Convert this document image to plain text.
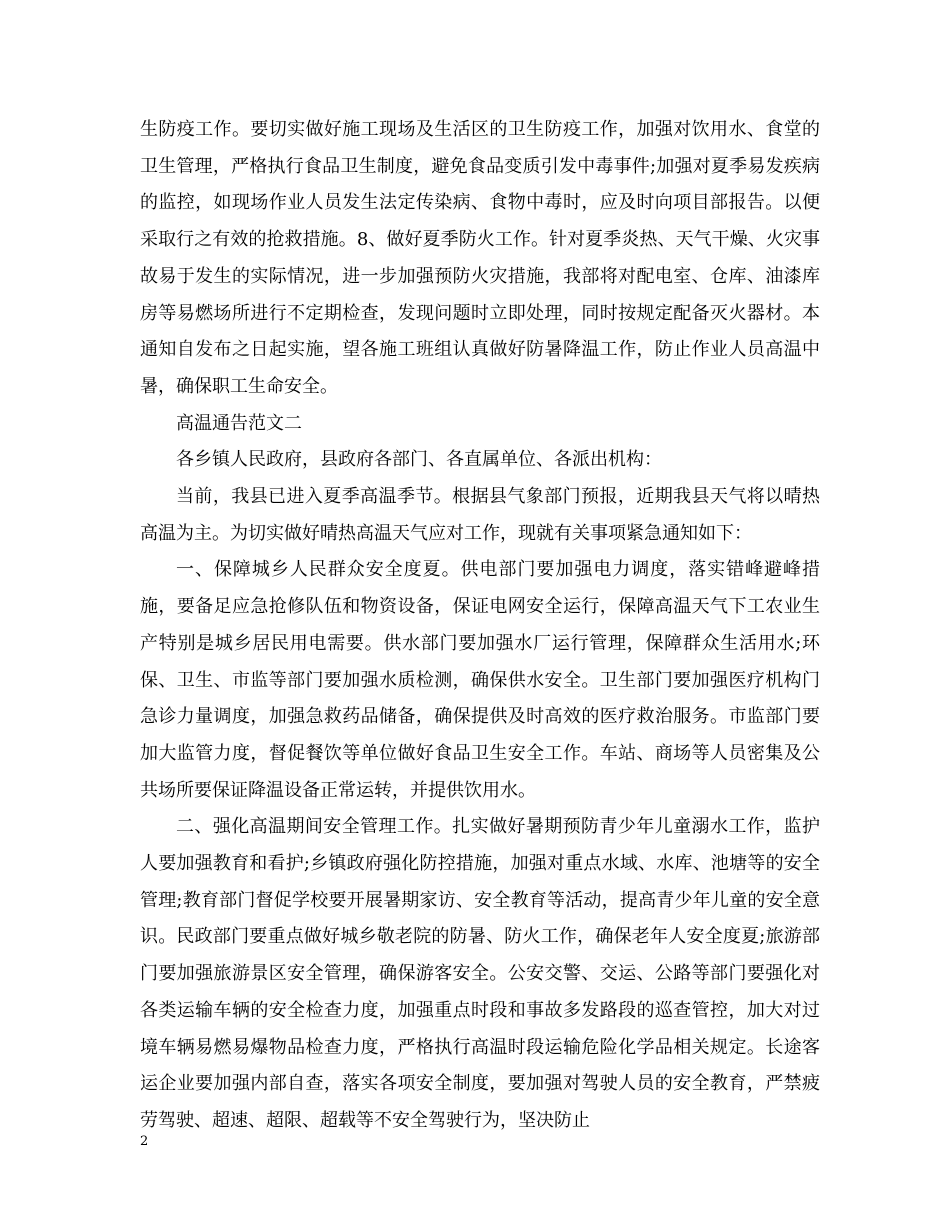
生防疫工作。要切实做好施工现场及生活区的卫生防疫工作，加强对饮用水、食堂的卫生管理，严格执行食品卫生制度，避免食品变质引发中毒事件;加强对夏季易发疾病的监控，如现场作业人员发生法定传染病、食物中毒时，应及时向项目部报告。以便采取行之有效的抢救措施。8、做好夏季防火工作。针对夏季炎热、天气干燥、火灾事故易于发生的实际情况，进一步加强预防火灾措施，我部将对配电室、仓库、油漆库房等易燃场所进行不定期检查，发现问题时立即处理，同时按规定配备灭火器材。本通知自发布之日起实施，望各施工班组认真做好防暑降温工作，防止作业人员高温中暑，确保职工生命安全。

高温通告范文二

各乡镇人民政府，县政府各部门、各直属单位、各派出机构：

当前，我县已进入夏季高温季节。根据县气象部门预报，近期我县天气将以晴热高温为主。为切实做好晴热高温天气应对工作，现就有关事项紧急通知如下：

一、保障城乡人民群众安全度夏。供电部门要加强电力调度，落实错峰避峰措施，要备足应急抢修队伍和物资设备，保证电网安全运行，保障高温天气下工农业生产特别是城乡居民用电需要。供水部门要加强水厂运行管理，保障群众生活用水;环保、卫生、市监等部门要加强水质检测，确保供水安全。卫生部门要加强医疗机构门急诊力量调度，加强急救药品储备，确保提供及时高效的医疗救治服务。市监部门要加大监管力度，督促餐饮等单位做好食品卫生安全工作。车站、商场等人员密集及公共场所要保证降温设备正常运转，并提供饮用水。

二、强化高温期间安全管理工作。扎实做好暑期预防青少年儿童溺水工作，监护人要加强教育和看护;乡镇政府强化防控措施，加强对重点水域、水库、池塘等的安全管理;教育部门督促学校要开展暑期家访、安全教育等活动，提高青少年儿童的安全意识。民政部门要重点做好城乡敬老院的防暑、防火工作，确保老年人安全度夏;旅游部门要加强旅游景区安全管理，确保游客安全。公安交警、交运、公路等部门要强化对各类运输车辆的安全检查力度，加强重点时段和事故多发路段的巡查管控，加大对过境车辆易燃易爆物品检查力度，严格执行高温时段运输危险化学品相关规定。长途客运企业要加强内部自查，落实各项安全制度，要加强对驾驶人员的安全教育，严禁疲劳驾驶、超速、超限、超载等不安全驾驶行为，坚决防止

2
